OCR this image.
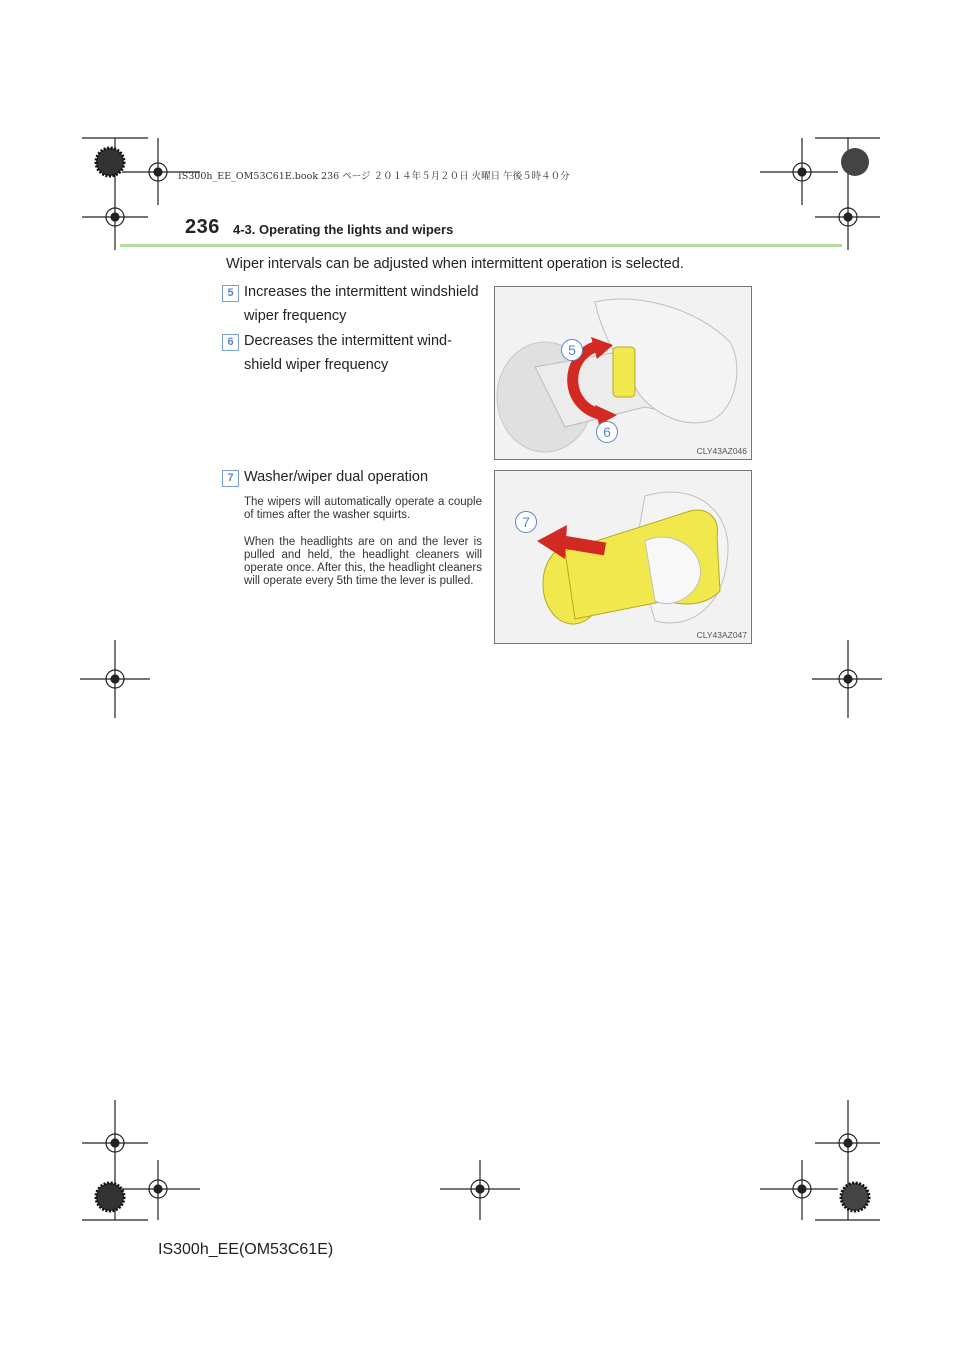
IS300h_EE_OM53C61E.book 236 ページ ２０１４年５月２０日 火曜日 午後５時４０分
236 4-3. Operating the lights and wipers
Wiper intervals can be adjusted when intermittent operation is selected.
5 Increases the intermittent windshield
wiper frequency
6 Decreases the intermittent wind-
shield wiper frequency
7 Washer/wiper dual operation
The wipers will automatically operate a couple of times after the washer squirts.
When the headlights are on and the lever is pulled and held, the headlight cleaners will operate once. After this, the headlight cleaners will operate every 5th time the lever is pulled.
5
6
CLY43AZ046
7
CLY43AZ047
IS300h_EE(OM53C61E)
